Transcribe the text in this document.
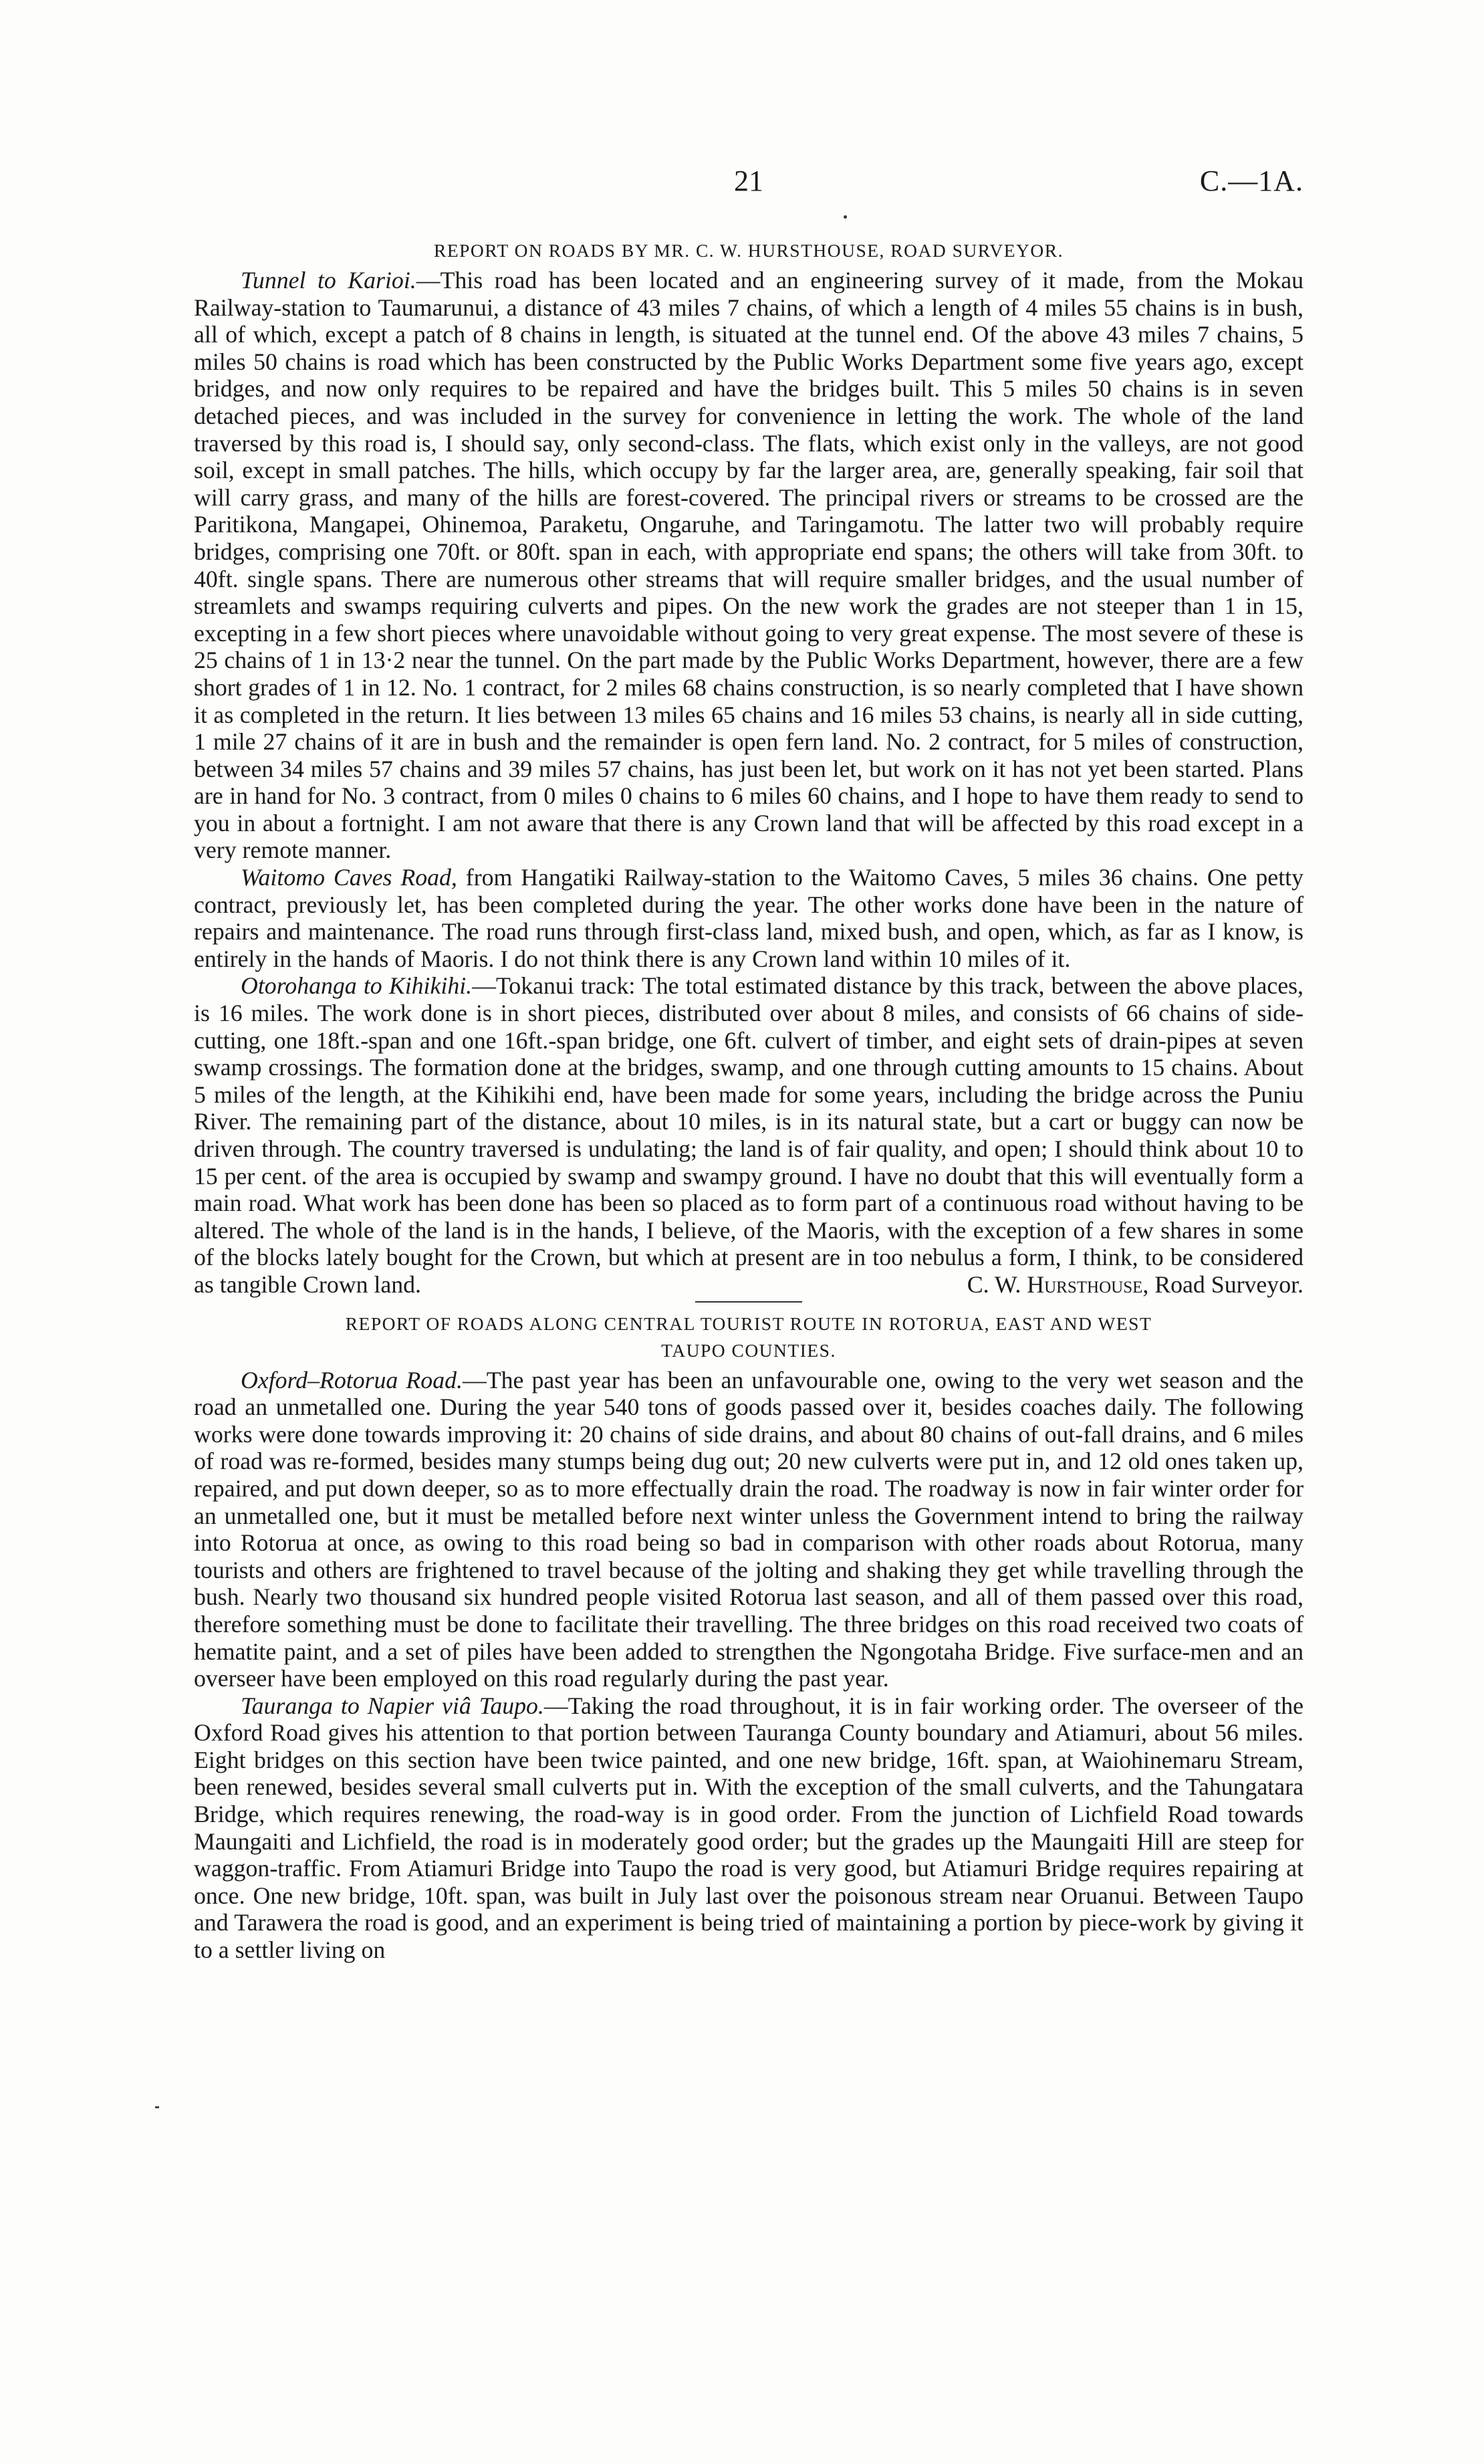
21	C.—1A.
REPORT ON ROADS BY MR. C. W. HURSTHOUSE, ROAD SURVEYOR.

Tunnel to Karioi.—This road has been located and an engineering survey of it made, from the Mokau Railway-station to Taumarunui, a distance of 43 miles 7 chains, of which a length of 4 miles 55 chains is in bush, all of which, except a patch of 8 chains in length, is situated at the tunnel end. Of the above 43 miles 7 chains, 5 miles 50 chains is road which has been constructed by the Public Works Department some five years ago, except bridges, and now only requires to be repaired and have the bridges built. This 5 miles 50 chains is in seven detached pieces, and was included in the survey for convenience in letting the work. The whole of the land traversed by this road is, I should say, only second-class. The flats, which exist only in the valleys, are not good soil, except in small patches. The hills, which occupy by far the larger area, are, generally speaking, fair soil that will carry grass, and many of the hills are forest-covered. The principal rivers or streams to be crossed are the Paritikona, Mangapei, Ohinemoa, Paraketu, Ongaruhe, and Taringamotu. The latter two will probably require bridges, comprising one 70ft. or 80ft. span in each, with appropriate end spans; the others will take from 30ft. to 40ft. single spans. There are numerous other streams that will require smaller bridges, and the usual number of streamlets and swamps requiring culverts and pipes. On the new work the grades are not steeper than 1 in 15, excepting in a few short pieces where unavoidable without going to very great expense. The most severe of these is 25 chains of 1 in 13·2 near the tunnel. On the part made by the Public Works Department, however, there are a few short grades of 1 in 12. No. 1 contract, for 2 miles 68 chains construction, is so nearly completed that I have shown it as completed in the return. It lies between 13 miles 65 chains and 16 miles 53 chains, is nearly all in side cutting, 1 mile 27 chains of it are in bush and the remainder is open fern land. No. 2 contract, for 5 miles of construction, between 34 miles 57 chains and 39 miles 57 chains, has just been let, but work on it has not yet been started. Plans are in hand for No. 3 contract, from 0 miles 0 chains to 6 miles 60 chains, and I hope to have them ready to send to you in about a fortnight. I am not aware that there is any Crown land that will be affected by this road except in a very remote manner.

Waitomo Caves Road, from Hangatiki Railway-station to the Waitomo Caves, 5 miles 36 chains. One petty contract, previously let, has been completed during the year. The other works done have been in the nature of repairs and maintenance. The road runs through first-class land, mixed bush, and open, which, as far as I know, is entirely in the hands of Maoris. I do not think there is any Crown land within 10 miles of it.

Otorohanga to Kihikihi.—Tokanui track: The total estimated distance by this track, between the above places, is 16 miles. The work done is in short pieces, distributed over about 8 miles, and consists of 66 chains of side-cutting, one 18ft.-span and one 16ft.-span bridge, one 6ft. culvert of timber, and eight sets of drain-pipes at seven swamp crossings. The formation done at the bridges, swamp, and one through cutting amounts to 15 chains. About 5 miles of the length, at the Kihikihi end, have been made for some years, including the bridge across the Puniu River. The remaining part of the distance, about 10 miles, is in its natural state, but a cart or buggy can now be driven through. The country traversed is undulating; the land is of fair quality, and open; I should think about 10 to 15 per cent. of the area is occupied by swamp and swampy ground. I have no doubt that this will eventually form a main road. What work has been done has been so placed as to form part of a continuous road without having to be altered. The whole of the land is in the hands, I believe, of the Maoris, with the exception of a few shares in some of the blocks lately bought for the Crown, but which at present are in too nebulus a form, I think, to be considered as tangible Crown land.	C. W. Hursthouse, Road Surveyor.

REPORT OF ROADS ALONG CENTRAL TOURIST ROUTE IN ROTORUA, EAST AND WEST
TAUPO COUNTIES.

Oxford–Rotorua Road.—The past year has been an unfavourable one, owing to the very wet season and the road an unmetalled one. During the year 540 tons of goods passed over it, besides coaches daily. The following works were done towards improving it: 20 chains of side drains, and about 80 chains of out-fall drains, and 6 miles of road was re-formed, besides many stumps being dug out; 20 new culverts were put in, and 12 old ones taken up, repaired, and put down deeper, so as to more effectually drain the road. The roadway is now in fair winter order for an unmetalled one, but it must be metalled before next winter unless the Government intend to bring the railway into Rotorua at once, as owing to this road being so bad in comparison with other roads about Rotorua, many tourists and others are frightened to travel because of the jolting and shaking they get while travelling through the bush. Nearly two thousand six hundred people visited Rotorua last season, and all of them passed over this road, therefore something must be done to facilitate their travelling. The three bridges on this road received two coats of hematite paint, and a set of piles have been added to strengthen the Ngongotaha Bridge. Five surface-men and an overseer have been employed on this road regularly during the past year.

Tauranga to Napier viâ Taupo.—Taking the road throughout, it is in fair working order. The overseer of the Oxford Road gives his attention to that portion between Tauranga County boundary and Atiamuri, about 56 miles. Eight bridges on this section have been twice painted, and one new bridge, 16ft. span, at Waiohinemaru Stream, been renewed, besides several small culverts put in. With the exception of the small culverts, and the Tahungatara Bridge, which requires renewing, the road-way is in good order. From the junction of Lichfield Road towards Maungaiti and Lichfield, the road is in moderately good order; but the grades up the Maungaiti Hill are steep for waggon-traffic. From Atiamuri Bridge into Taupo the road is very good, but Atiamuri Bridge requires repairing at once. One new bridge, 10ft. span, was built in July last over the poisonous stream near Oruanui. Between Taupo and Tarawera the road is good, and an experiment is being tried of maintaining a portion by piece-work by giving it to a settler living on
